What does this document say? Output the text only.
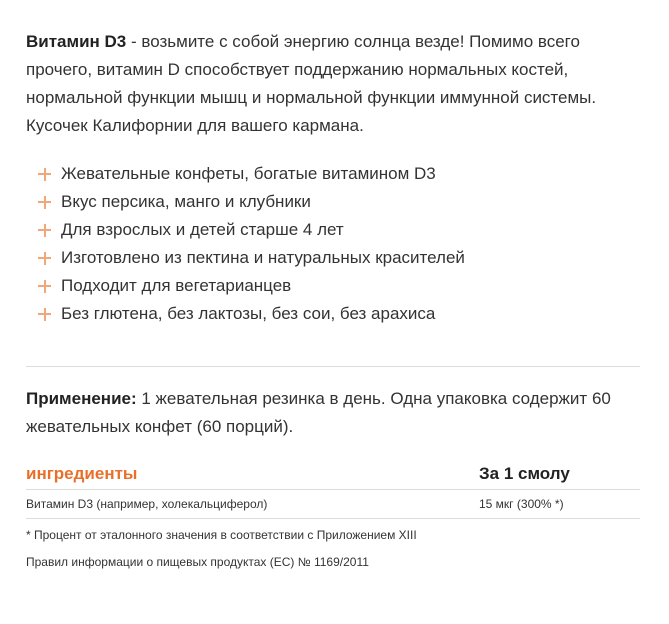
Витамин D3 - возьмите с собой энергию солнца везде! Помимо всего прочего, витамин D способствует поддержанию нормальных костей, нормальной функции мышц и нормальной функции иммунной системы. Кусочек Калифорнии для вашего кармана.

Жевательные конфеты, богатые витамином D3
Вкус персика, манго и клубники
Для взрослых и детей старше 4 лет
Изготовлено из пектина и натуральных красителей
Подходит для вегетарианцев
Без глютена, без лактозы, без сои, без арахиса

Применение: 1 жевательная резинка в день. Одна упаковка содержит 60 жевательных конфет (60 порций).

ингредиенты	За 1 смолу
Витамин D3 (например, холекальциферол)	15 мкг (300% *)

* Процент от эталонного значения в соответствии с Приложением XIII

Правил информации о пищевых продуктах (ЕС) № 1169/2011
